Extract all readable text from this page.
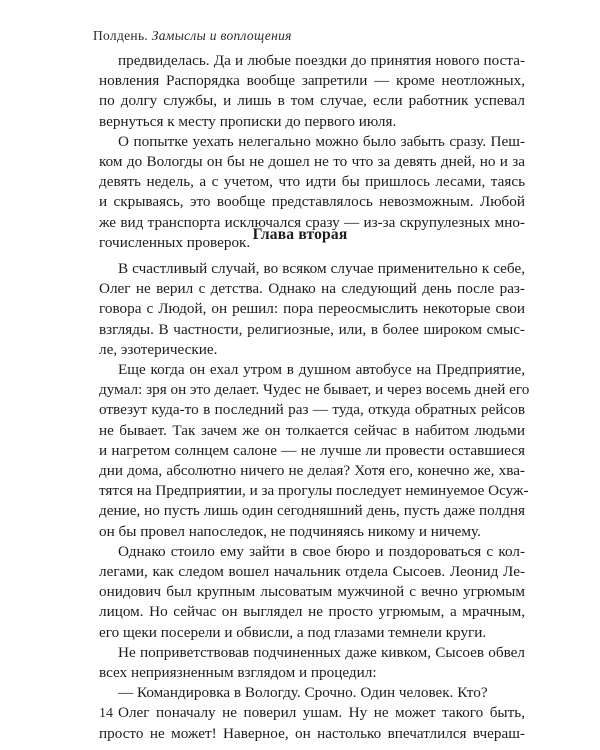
Полдень. Замыслы и воплощения
предвиделась. Да и любые поездки до принятия нового поста-
новления Распорядка вообще запретили — кроме неотложных,
по долгу службы, и лишь в том случае, если работник успевал
вернуться к месту прописки до первого июля.
О попытке уехать нелегально можно было забыть сразу. Пеш-
ком до Вологды он бы не дошел не то что за девять дней, но и за
девять недель, а с учетом, что идти бы пришлось лесами, таясь
и скрываясь, это вообще представлялось невозможным. Любой
же вид транспорта исключался сразу — из-за скрупулезных мно-
гочисленных проверок. Глава вторая
В счастливый случай, во всяком случае применительно к себе,
Олег не верил с детства. Однако на следующий день после раз-
говора с Людой, он решил: пора переосмыслить некоторые свои
взгляды. В частности, религиозные, или, в более широком смыс-
ле, эзотерические.
Еще когда он ехал утром в душном автобусе на Предприятие,
думал: зря он это делает. Чудес не бывает, и через восемь дней его
отвезут куда-то в последний раз — туда, откуда обратных рейсов
не бывает. Так зачем же он толкается сейчас в набитом людьми
и нагретом солнцем салоне — не лучше ли провести оставшиеся
дни дома, абсолютно ничего не делая? Хотя его, конечно же, хва-
тятся на Предприятии, и за прогулы последует неминуемое Осуж-
дение, но пусть лишь один сегодняшний день, пусть даже полдня
он бы провел напоследок, не подчиняясь никому и ничему.
Однако стоило ему зайти в свое бюро и поздороваться с кол-
легами, как следом вошел начальник отдела Сысоев. Леонид Ле-
онидович был крупным лысоватым мужчиной с вечно угрюмым
лицом. Но сейчас он выглядел не просто угрюмым, а мрачным,
его щеки посерели и обвисли, а под глазами темнели круги.
Не поприветствовав подчиненных даже кивком, Сысоев обвел
всех неприязненным взглядом и процедил:
— Командировка в Вологду. Срочно. Один человек. Кто?
Олег поначалу не поверил ушам. Ну не может такого быть,
просто не может! Наверное, он настолько впечатлился вчераш-
14
